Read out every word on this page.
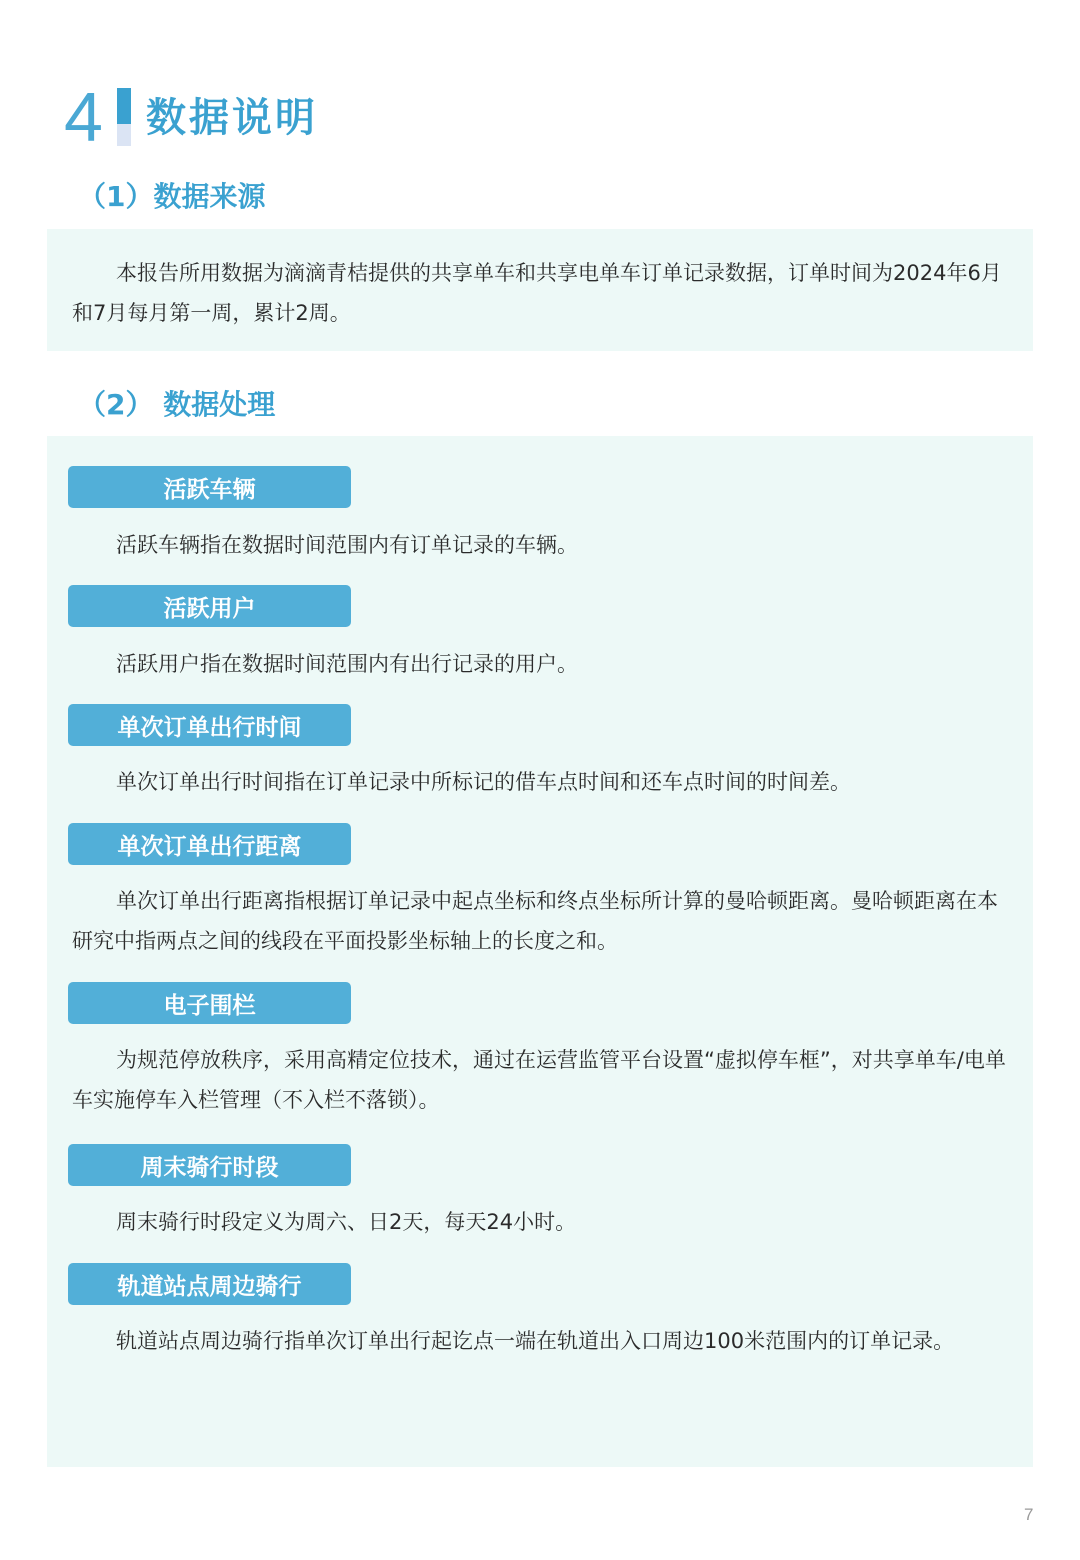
4 数据说明
（1）数据来源
本报告所用数据为滴滴青桔提供的共享单车和共享电单车订单记录数据，订单时间为2024年6月和7月每月第一周，累计2周。
（2） 数据处理
活跃车辆
活跃车辆指在数据时间范围内有订单记录的车辆。
活跃用户
活跃用户指在数据时间范围内有出行记录的用户。
单次订单出行时间
单次订单出行时间指在订单记录中所标记的借车点时间和还车点时间的时间差。
单次订单出行距离
单次订单出行距离指根据订单记录中起点坐标和终点坐标所计算的曼哈顿距离。曼哈顿距离在本研究中指两点之间的线段在平面投影坐标轴上的长度之和。
电子围栏
为规范停放秩序，采用高精定位技术，通过在运营监管平台设置“虚拟停车框”，对共享单车/电单车实施停车入栏管理（不入栏不落锁）。
周末骑行时段
周末骑行时段定义为周六、日2天，每天24小时。
轨道站点周边骑行
轨道站点周边骑行指单次订单出行起讫点一端在轨道出入口周边100米范围内的订单记录。
7
